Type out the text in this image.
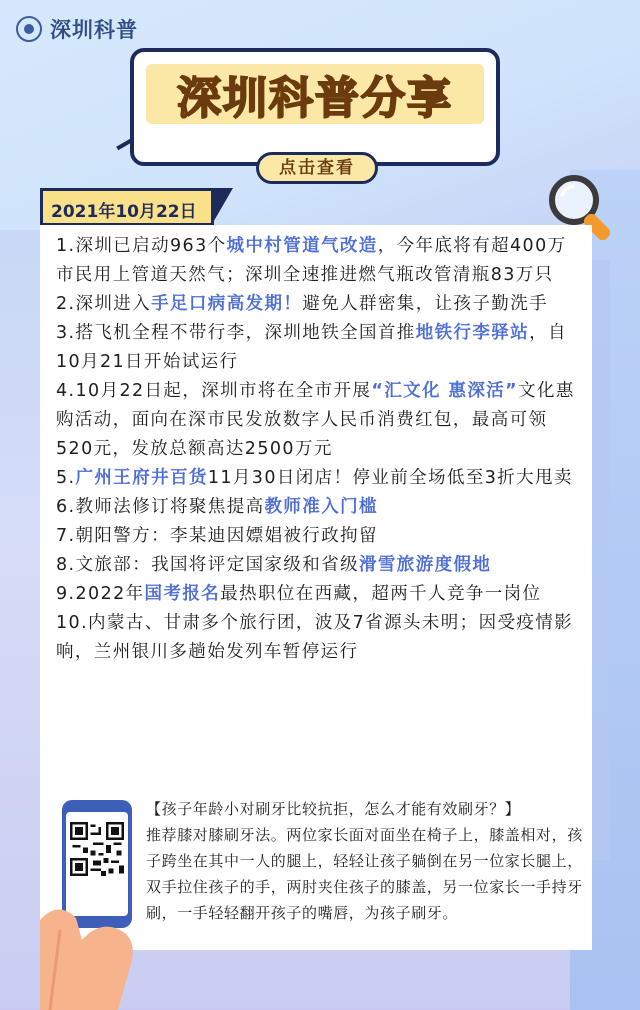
深圳科普
深圳科普分享
点击查看
2021年10月22日

1.深圳已启动963个城中村管道气改造，今年底将有超400万市民用上管道天然气；深圳全速推进燃气瓶改管清瓶83万只

2.深圳进入手足口病高发期！避免人群密集，让孩子勤洗手

3.搭飞机全程不带行李，深圳地铁全国首推地铁行李驿站，自10月21日开始试运行

4.10月22日起，深圳市将在全市开展“汇文化 惠深活”文化惠购活动，面向在深市民发放数字人民币消费红包，最高可领520元，发放总额高达2500万元

5.广州王府井百货11月30日闭店！停业前全场低至3折大甩卖

6.教师法修订将聚焦提高教师准入门槛

7.朝阳警方：李某迪因嫖娼被行政拘留

8.文旅部：我国将评定国家级和省级滑雪旅游度假地

9.2022年国考报名最热职位在西藏，超两千人竞争一岗位

10.内蒙古、甘肃多个旅行团，波及7省源头未明；因受疫情影响，兰州银川多趟始发列车暂停运行

【孩子年龄小对刷牙比较抗拒，怎么才能有效刷牙？】

推荐膝对膝刷牙法。两位家长面对面坐在椅子上，膝盖相对，孩子跨坐在其中一人的腿上，轻轻让孩子躺倒在另一位家长腿上，双手拉住孩子的手，两肘夹住孩子的膝盖，另一位家长一手持牙刷，一手轻轻翻开孩子的嘴唇，为孩子刷牙。
